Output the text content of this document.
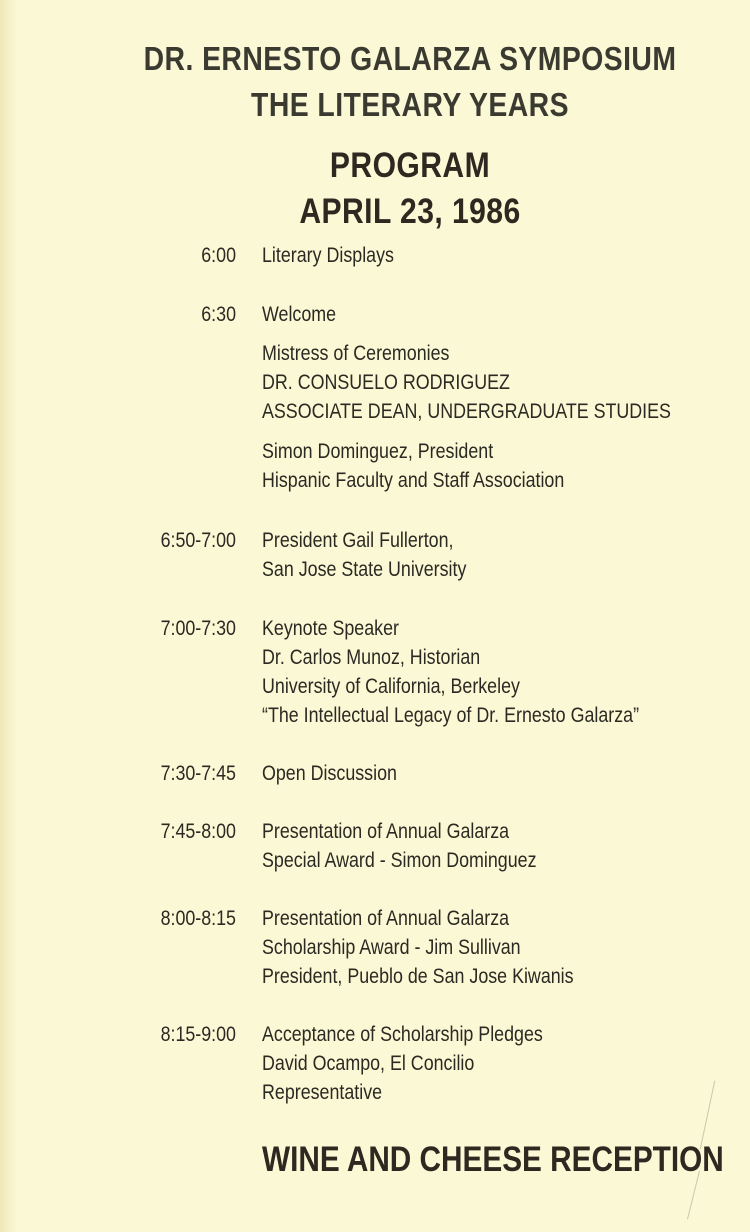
DR. ERNESTO GALARZA SYMPOSIUM
THE LITERARY YEARS
PROGRAM
APRIL 23, 1986
6:00 Literary Displays
6:30 Welcome
Mistress of Ceremonies
DR. CONSUELO RODRIGUEZ
ASSOCIATE DEAN, UNDERGRADUATE STUDIES
Simon Dominguez, President
Hispanic Faculty and Staff Association
6:50-7:00 President Gail Fullerton,
San Jose State University
7:00-7:30 Keynote Speaker
Dr. Carlos Munoz, Historian
University of California, Berkeley
“The Intellectual Legacy of Dr. Ernesto Galarza”
7:30-7:45 Open Discussion
7:45-8:00 Presentation of Annual Galarza
Special Award - Simon Dominguez
8:00-8:15 Presentation of Annual Galarza
Scholarship Award - Jim Sullivan
President, Pueblo de San Jose Kiwanis
8:15-9:00 Acceptance of Scholarship Pledges
David Ocampo, El Concilio
Representative
WINE AND CHEESE RECEPTION
